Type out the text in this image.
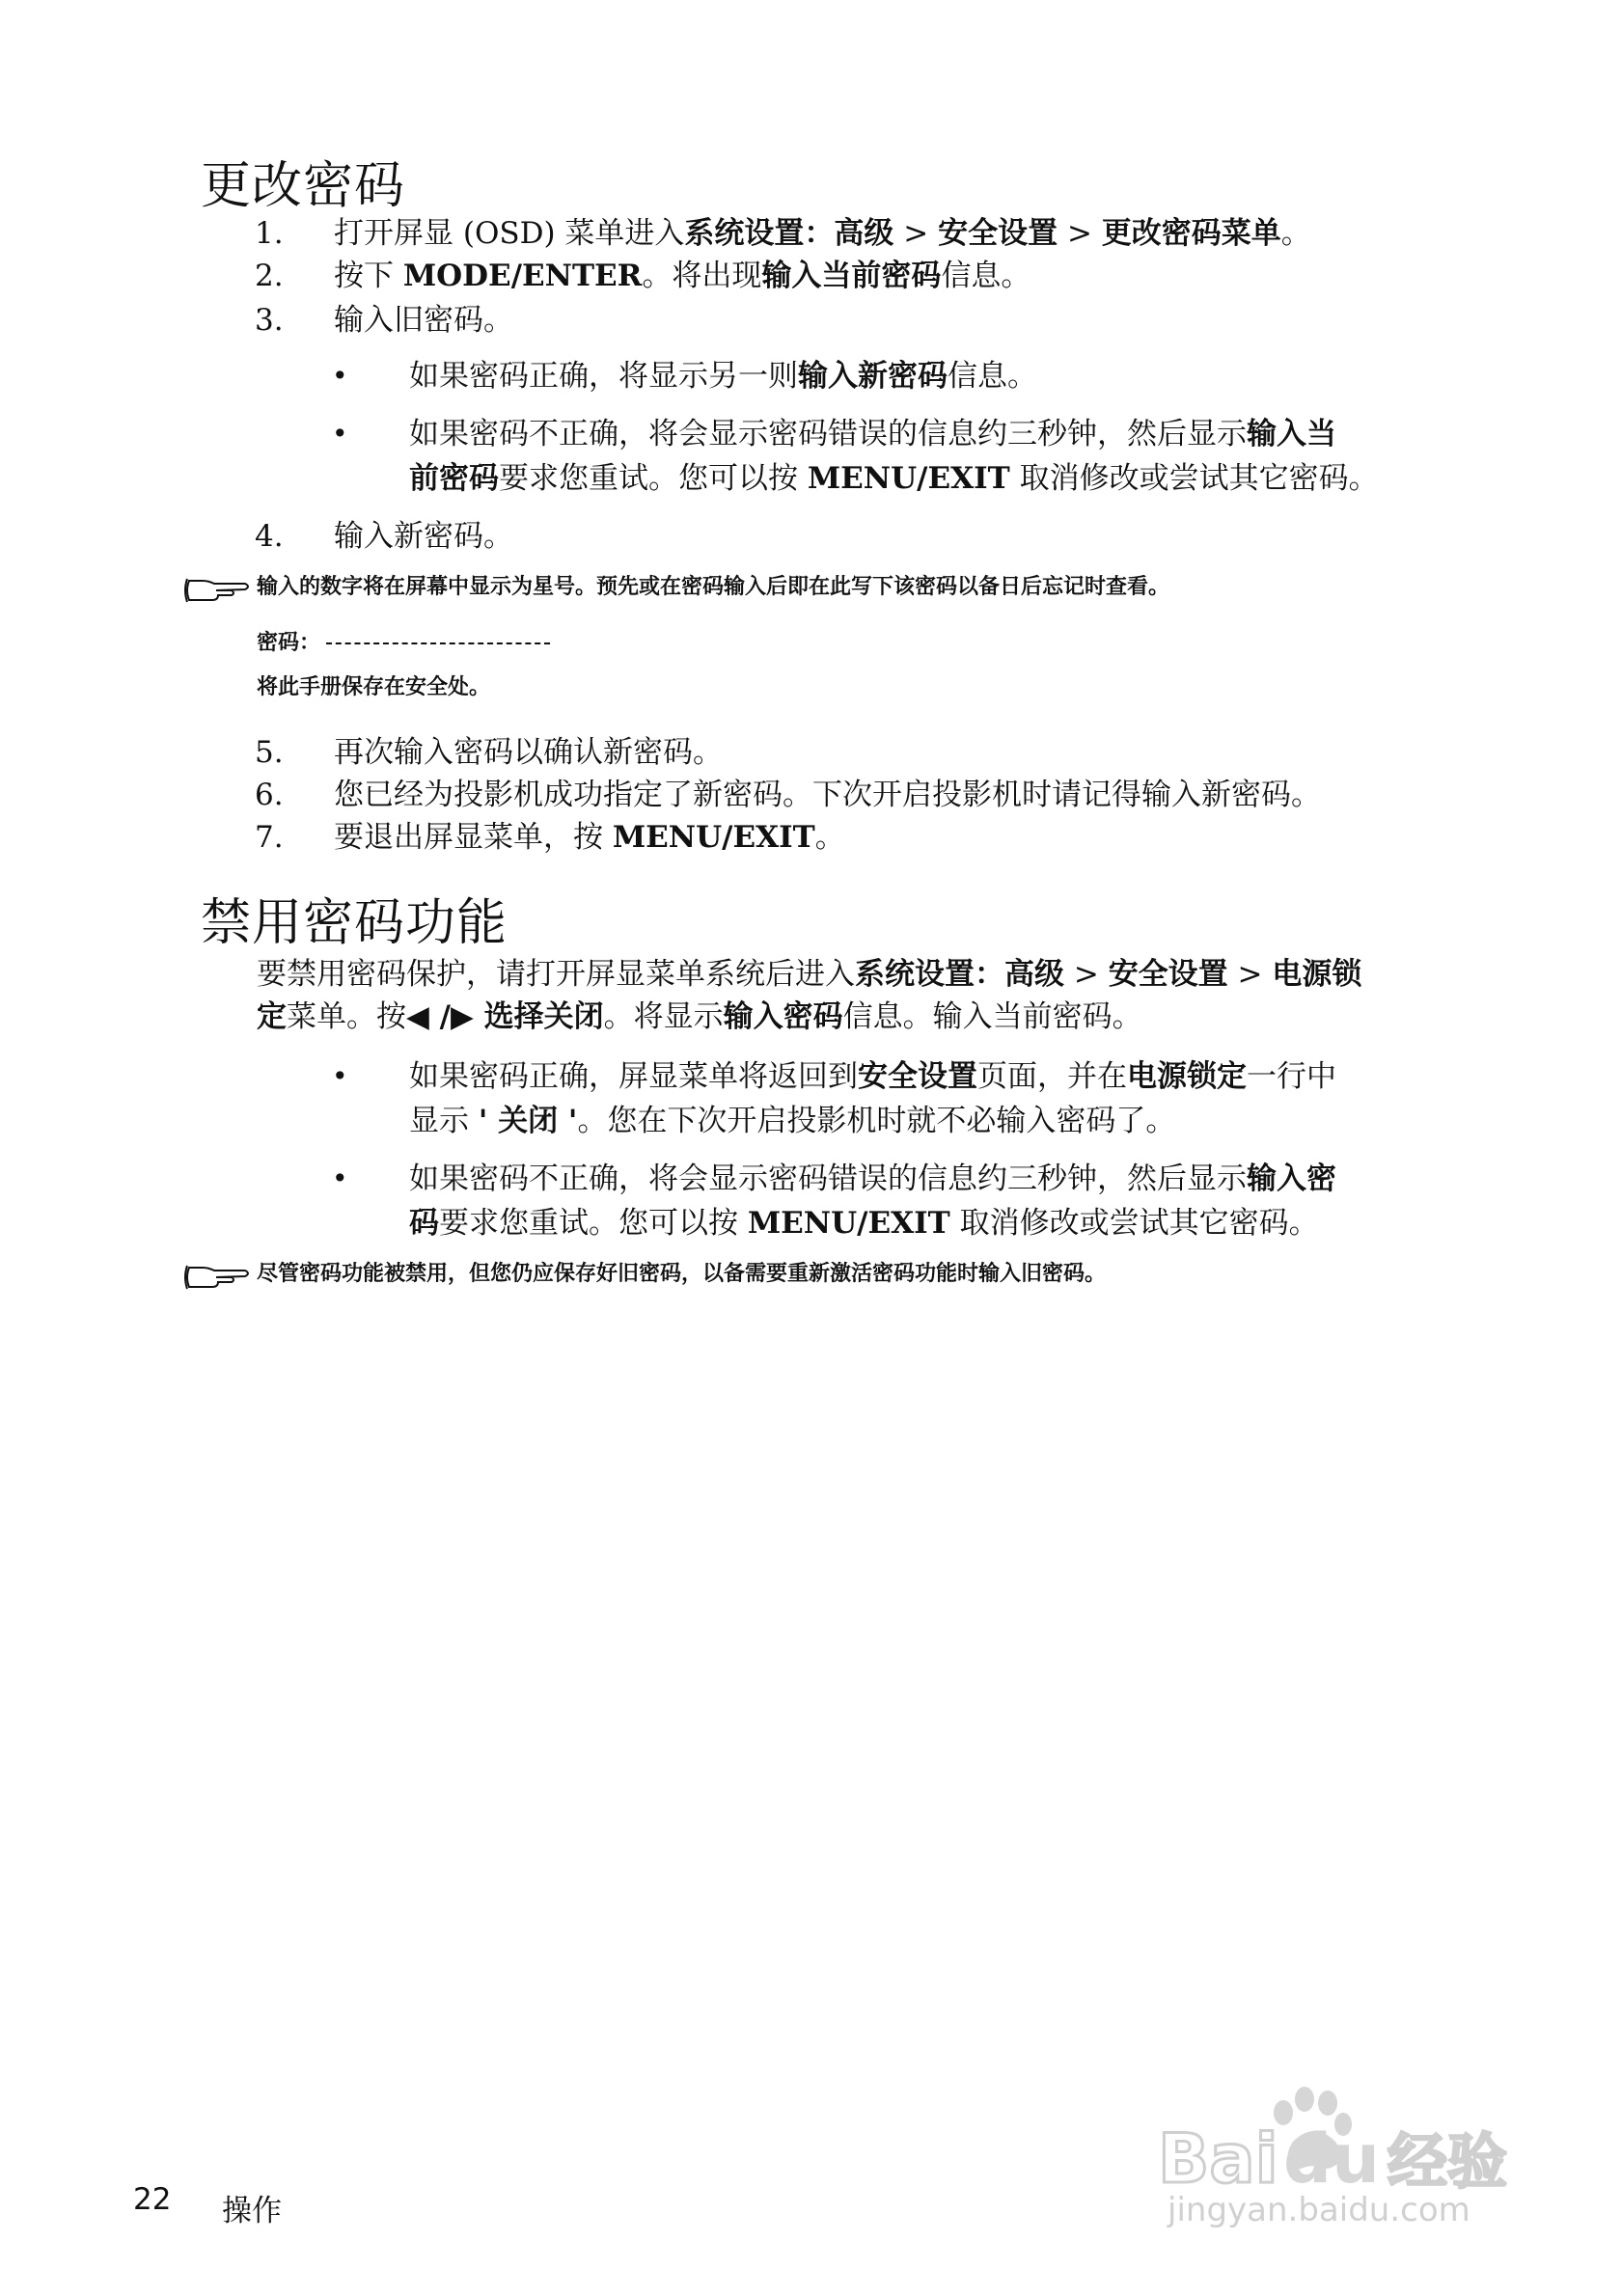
更改密码
1. 打开屏显 (OSD) 菜单进入系统设置：高级 > 安全设置 > 更改密码菜单。
2. 按下 MODE/ENTER。将出现输入当前密码信息。
3. 输入旧密码。
• 如果密码正确，将显示另一则输入新密码信息。
• 如果密码不正确，将会显示密码错误的信息约三秒钟，然后显示输入当
前密码要求您重试。您可以按 MENU/EXIT 取消修改或尝试其它密码。
4. 输入新密码。
输入的数字将在屏幕中显示为星号。预先或在密码输入后即在此写下该密码以备日后忘记时查看。
密码：
将此手册保存在安全处。
5. 再次输入密码以确认新密码。
6. 您已经为投影机成功指定了新密码。下次开启投影机时请记得输入新密码。
7. 要退出屏显菜单，按 MENU/EXIT。
禁用密码功能
要禁用密码保护，请打开屏显菜单系统后进入系统设置：高级 > 安全设置 > 电源锁
定菜单。按◀ /▶ 选择关闭。将显示输入密码信息。输入当前密码。
• 如果密码正确，屏显菜单将返回到安全设置页面，并在电源锁定一行中
显示 ' 关闭 '。您在下次开启投影机时就不必输入密码了。
• 如果密码不正确，将会显示密码错误的信息约三秒钟，然后显示输入密
码要求您重试。您可以按 MENU/EXIT 取消修改或尝试其它密码。
尽管密码功能被禁用，但您仍应保存好旧密码，以备需要重新激活密码功能时输入旧密码。
22 操作
Bai du 经验
jingyan.baidu.com
